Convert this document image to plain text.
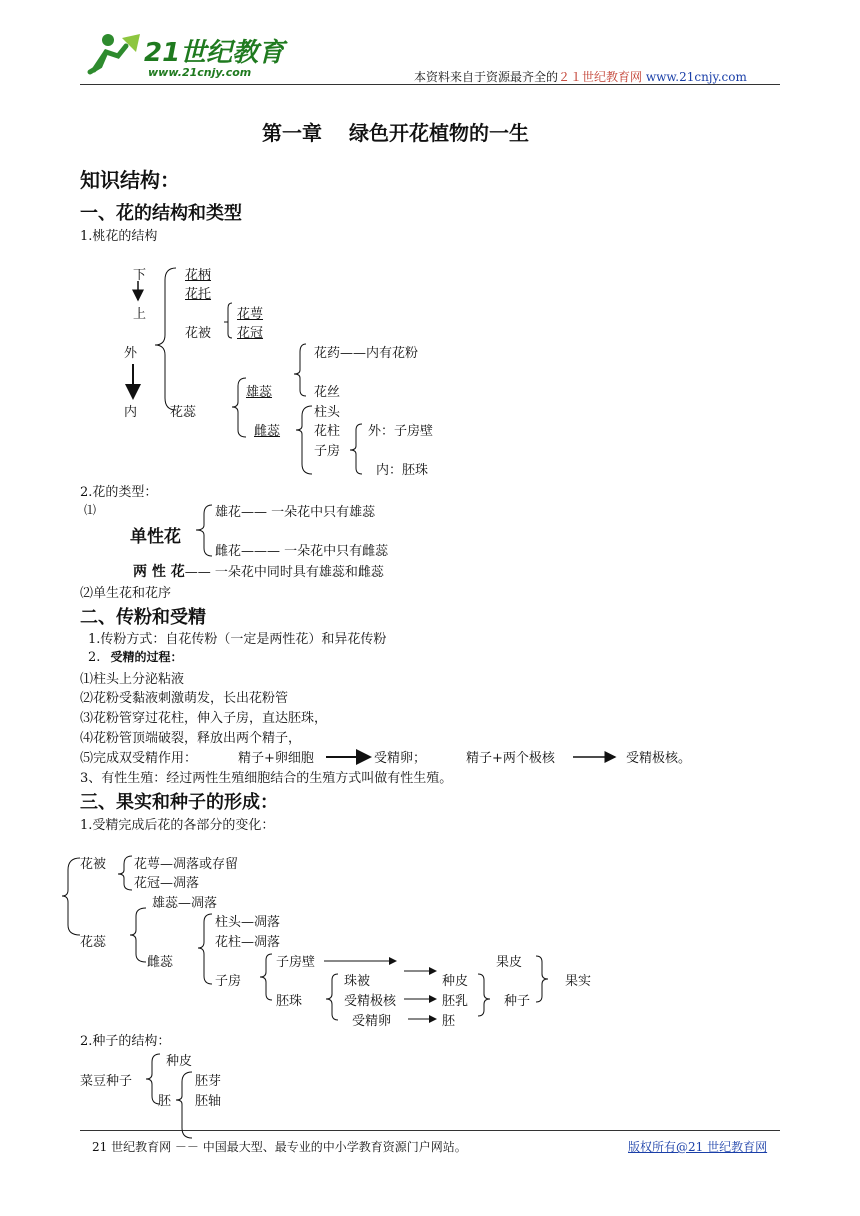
21世纪教育
www.21cnjy.com	本资料来自于资源最齐全的２１世纪教育网 www.21cnjy.com
第一章　 绿色开花植物的一生
知识结构：
一、花的结构和类型
1.桃花的结构
下
上
外
内
花柄
花托
花被
花萼
花冠
花蕊
雄蕊
雌蕊
花药——内有花粉
花丝
柱头
花柱
子房
外：子房壁
内：胚珠
2.花的类型：
⑴
单性花
雄花—— 一朵花中只有雄蕊
雌花——— 一朵花中只有雌蕊
两 性 花—— 一朵花中同时具有雄蕊和雌蕊
⑵单生花和花序
二、传粉和受精
1.传粉方式：自花传粉（一定是两性花）和异花传粉
2. 受精的过程：
⑴柱头上分泌粘液
⑵花粉受黏液刺激萌发，长出花粉管
⑶花粉管穿过花柱，伸入子房，直达胚珠，
⑷花粉管顶端破裂，释放出两个精子，
⑸完成双受精作用：	精子+卵细胞	受精卵；	精子+两个极核	受精极核。
3、有性生殖：经过两性生殖细胞结合的生殖方式叫做有性生殖。
三、果实和种子的形成：
1.受精完成后花的各部分的变化：
花被 花萼—凋落或存留
花冠—凋落
雄蕊—凋落
花蕊
柱头—凋落
花柱—凋落
雌蕊
子房
子房壁
胚珠
珠被
受精极核
受精卵
种皮
胚乳
胚
果皮
种子
果实
2.种子的结构：
种皮
菜豆种子	胚芽
胚 胚轴
21 世纪教育网 －－ 中国最大型、最专业的中小学教育资源门户网站。	版权所有@21 世纪教育网
